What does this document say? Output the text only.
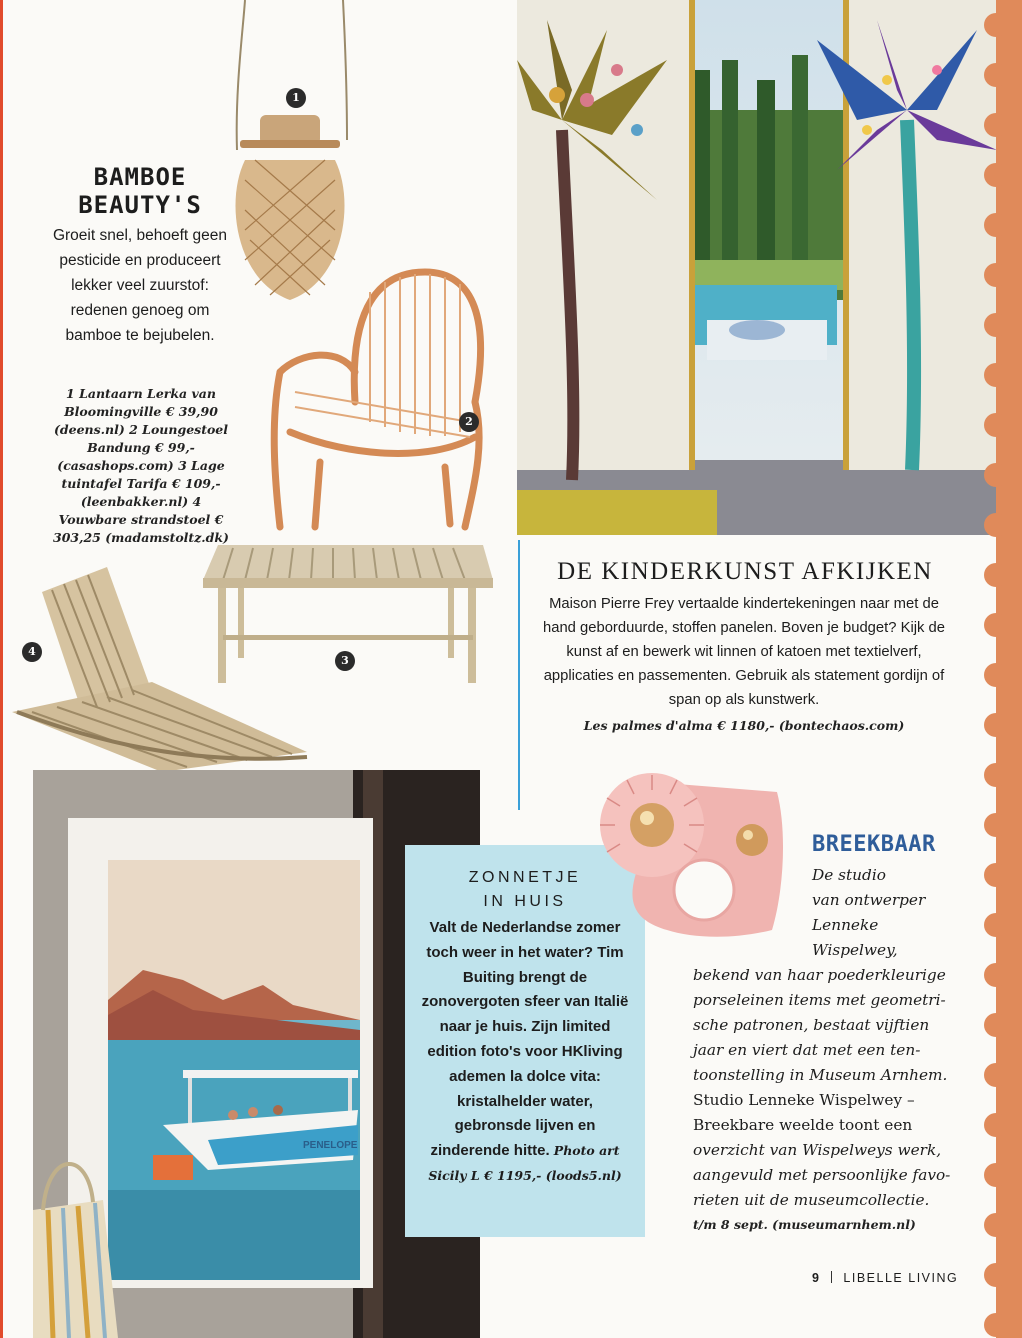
BAMBOE
BEAUTY'S
Groeit snel, behoeft geen pesticide en produceert lekker veel zuurstof: redenen genoeg om bamboe te bejubelen.
1 Lantaarn Lerka van Bloomingville € 39,90 (deens.nl) 2 Loungestoel Bandung € 99,- (casashops.com) 3 Lage tuintafel Tarifa € 109,- (leenbakker.nl) 4 Vouwbare strandstoel € 303,25 (madamstoltz.dk)
1
2
3
4
DE KINDERKUNST AFKIJKEN
Maison Pierre Frey vertaalde kindertekeningen naar met de hand geborduurde, stoffen panelen. Boven je budget? Kijk de kunst af en bewerk wit linnen of katoen met textielverf, applicaties en passementen. Gebruik als statement gordijn of span op als kunstwerk.
Les palmes d'alma € 1180,- (bontechaos.com)
PENELOPE
ZONNETJE
IN HUIS
Valt de Nederlandse zomer toch weer in het water? Tim Buiting brengt de zonovergoten sfeer van Italië naar je huis. Zijn limited edition foto's voor HKliving ademen la dolce vita: kristalhelder water, gebronsde lijven en zinderende hitte. Photo art Sicily L € 1195,- (loods5.nl)
BREEKBAAR
De studio
van ontwerper
Lenneke
Wispelwey,
bekend van haar poederkleurige
porseleinen items met geometri-
sche patronen, bestaat vijftien
jaar en viert dat met een ten-
toonstelling in Museum Arnhem.
Studio Lenneke Wispelwey –
Breekbare weelde toont een
overzicht van Wispelweys werk,
aangevuld met persoonlijke favo-
rieten uit de museumcollectie.
t/m 8 sept. (museumarnhem.nl)
9 LIBELLE LIVING
